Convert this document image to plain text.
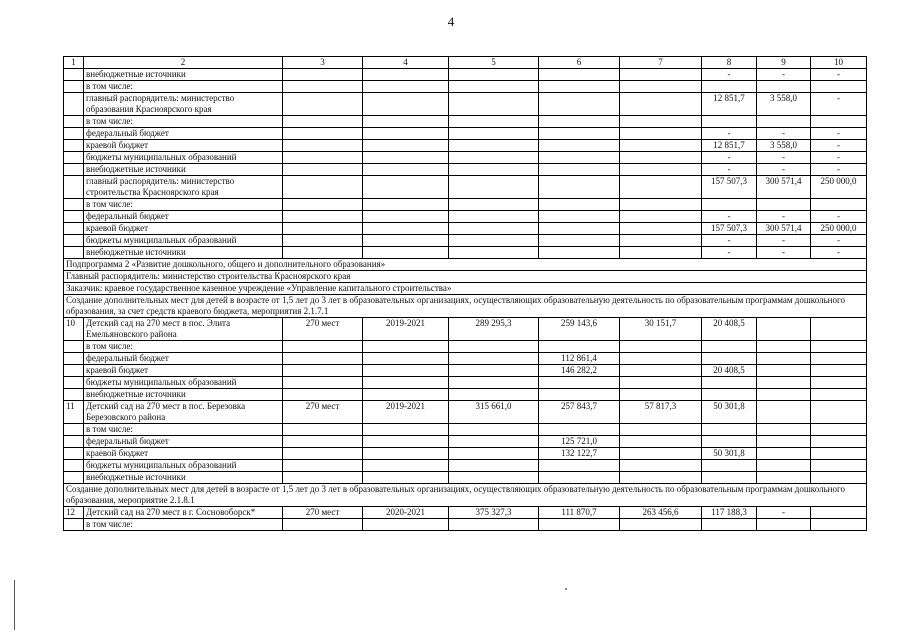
4
1	2	3	4	5	6	7	8	9	10
	внебюджетные источники						-	-	-
	в том числе:								
	главный распорядитель: министерство образования Красноярского края						12 851,7	3 558,0	-
	в том числе:								
	федеральный бюджет						-	-	-
	краевой бюджет						12 851,7	3 558,0	-
	бюджеты муниципальных образований						-	-	-
	внебюджетные источники						-	-	-
	главный распорядитель: министерство строительства Красноярского края						157 507,3	300 571,4	250 000,0
	в том числе:								
	федеральный бюджет						-	-	-
	краевой бюджет						157 507,3	300 571,4	250 000,0
	бюджеты муниципальных образований						-	-	-
	внебюджетные источники						-	-	-
Подпрограмма 2 «Развитие дошкольного, общего и дополнительного образования»									
Главный распорядитель: министерство строительства Красноярского края									
Заказчик: краевое государственное казенное учреждение «Управление капитального строительства»									
Создание дополнительных мест для детей в возрасте от 1,5 лет до 3 лет в образовательных организациях, осуществляющих образовательную деятельность по образовательным программам дошкольного образования, за счет средств краевого бюджета, мероприятия 2.1.7.1									
10	Детский сад на 270 мест в пос. Элита Емельяновского района	270 мест	2019-2021	289 295,3	259 143,6	30 151,7	20 408,5		
	в том числе:								
	федеральный бюджет				112 861,4				
	краевой бюджет				146 282,2		20 408,5		
	бюджеты муниципальных образований								
	внебюджетные источники								
11	Детский сад на 270 мест в пос. Березовка Березовского района	270 мест	2019-2021	315 661,0	257 843,7	57 817,3	50 301,8		
	в том числе:								
	федеральный бюджет				125 721,0				
	краевой бюджет				132 122,7		50 301,8		
	бюджеты муниципальных образований								
	внебюджетные источники								
Создание дополнительных мест для детей в возрасте от 1,5 лет до 3 лет в образовательных организациях, осуществляющих образовательную деятельность по образовательным программам дошкольного образования, мероприятие 2.1.8.1									
12	Детский сад на 270 мест в г. Сосновоборск*	270 мест	2020-2021	375 327,3	111 870,7	263 456,6	117 188,3	-	
	в том числе:								
